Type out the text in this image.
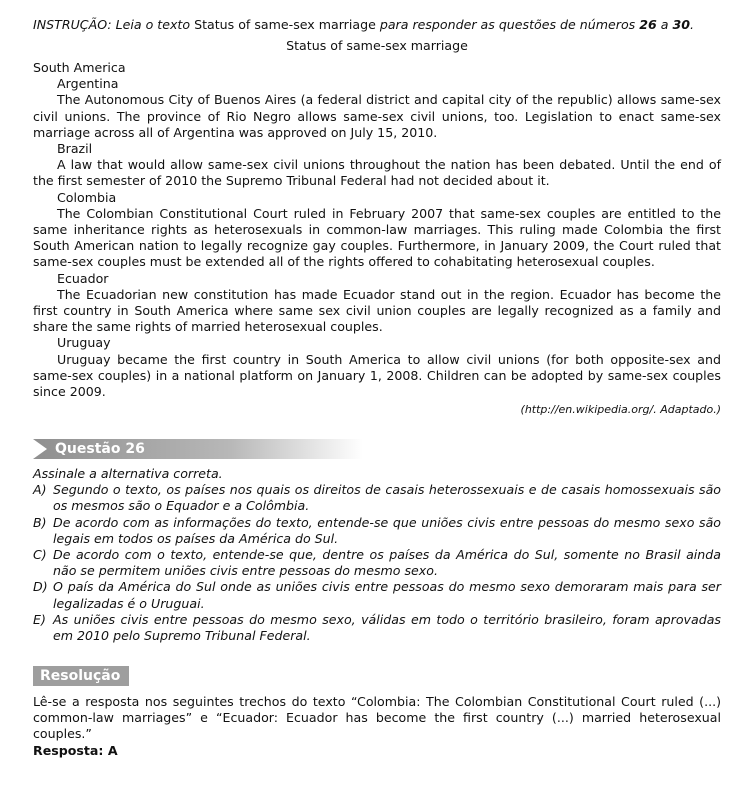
INSTRUÇÃO: Leia o texto Status of same-sex marriage para responder as questões de números 26 a 30.
Status of same-sex marriage
South America
Argentina
The Autonomous City of Buenos Aires (a federal district and capital city of the republic) allows same-sex civil unions. The province of Rio Negro allows same-sex civil unions, too. Legislation to enact same-sex marriage across all of Argentina was approved on July 15, 2010.
Brazil
A law that would allow same-sex civil unions throughout the nation has been debated. Until the end of the first semester of 2010 the Supremo Tribunal Federal had not decided about it.
Colombia
The Colombian Constitutional Court ruled in February 2007 that same-sex couples are entitled to the same inheritance rights as heterosexuals in common-law marriages. This ruling made Colombia the first South American nation to legally recognize gay couples. Furthermore, in January 2009, the Court ruled that same-sex couples must be extended all of the rights offered to cohabitating heterosexual couples.
Ecuador
The Ecuadorian new constitution has made Ecuador stand out in the region. Ecuador has become the first country in South America where same sex civil union couples are legally recognized as a family and share the same rights of married heterosexual couples.
Uruguay
Uruguay became the first country in South America to allow civil unions (for both opposite-sex and same-sex couples) in a national platform on January 1, 2008. Children can be adopted by same-sex couples since 2009.
(http://en.wikipedia.org/. Adaptado.)
Questão 26
Assinale a alternativa correta.
A) Segundo o texto, os países nos quais os direitos de casais heterossexuais e de casais homossexuais são os mesmos são o Equador e a Colômbia.
B) De acordo com as informações do texto, entende-se que uniões civis entre pessoas do mesmo sexo são legais em todos os países da América do Sul.
C) De acordo com o texto, entende-se que, dentre os países da América do Sul, somente no Brasil ainda não se permitem uniões civis entre pessoas do mesmo sexo.
D) O país da América do Sul onde as uniões civis entre pessoas do mesmo sexo demoraram mais para ser legalizadas é o Uruguai.
E) As uniões civis entre pessoas do mesmo sexo, válidas em todo o território brasileiro, foram aprovadas em 2010 pelo Supremo Tribunal Federal.
Resolução
Lê-se a resposta nos seguintes trechos do texto “Colombia: The Colombian Constitutional Court ruled (...) common-law marriages” e “Ecuador: Ecuador has become the first country (...) married heterosexual couples.”
Resposta: A
